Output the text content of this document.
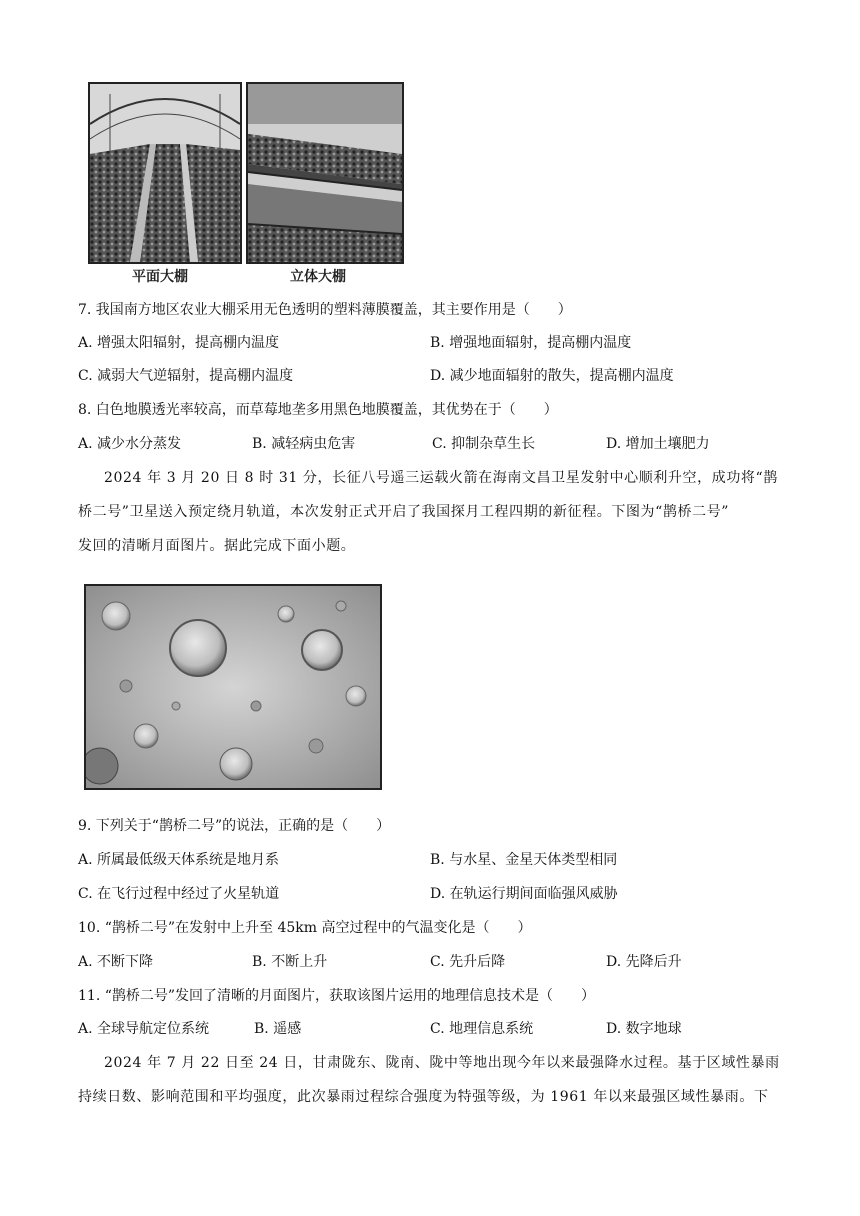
平面大棚	立体大棚
7. 我国南方地区农业大棚采用无色透明的塑料薄膜覆盖，其主要作用是（　　）
A. 增强太阳辐射，提高棚内温度	B. 增强地面辐射，提高棚内温度
C. 减弱大气逆辐射，提高棚内温度	D. 减少地面辐射的散失，提高棚内温度
8. 白色地膜透光率较高，而草莓地垄多用黑色地膜覆盖，其优势在于（　　）
A. 减少水分蒸发	B. 减轻病虫危害	C. 抑制杂草生长	D. 增加土壤肥力
2024 年 3 月 20 日 8 时 31 分，长征八号遥三运载火箭在海南文昌卫星发射中心顺利升空，成功将“鹊
桥二号”卫星送入预定绕月轨道，本次发射正式开启了我国探月工程四期的新征程。下图为“鹊桥二号”
发回的清晰月面图片。据此完成下面小题。
9. 下列关于“鹊桥二号”的说法，正确的是（　　）
A. 所属最低级天体系统是地月系	B. 与水星、金星天体类型相同
C. 在飞行过程中经过了火星轨道	D. 在轨运行期间面临强风威胁
10. “鹊桥二号”在发射中上升至 45km 高空过程中的气温变化是（　　）
A. 不断下降	B. 不断上升	C. 先升后降	D. 先降后升
11. “鹊桥二号”发回了清晰的月面图片，获取该图片运用的地理信息技术是（　　）
A. 全球导航定位系统	B. 遥感	C. 地理信息系统	D. 数字地球
2024 年 7 月 22 日至 24 日，甘肃陇东、陇南、陇中等地出现今年以来最强降水过程。基于区域性暴雨
持续日数、影响范围和平均强度，此次暴雨过程综合强度为特强等级，为 1961 年以来最强区域性暴雨。下
